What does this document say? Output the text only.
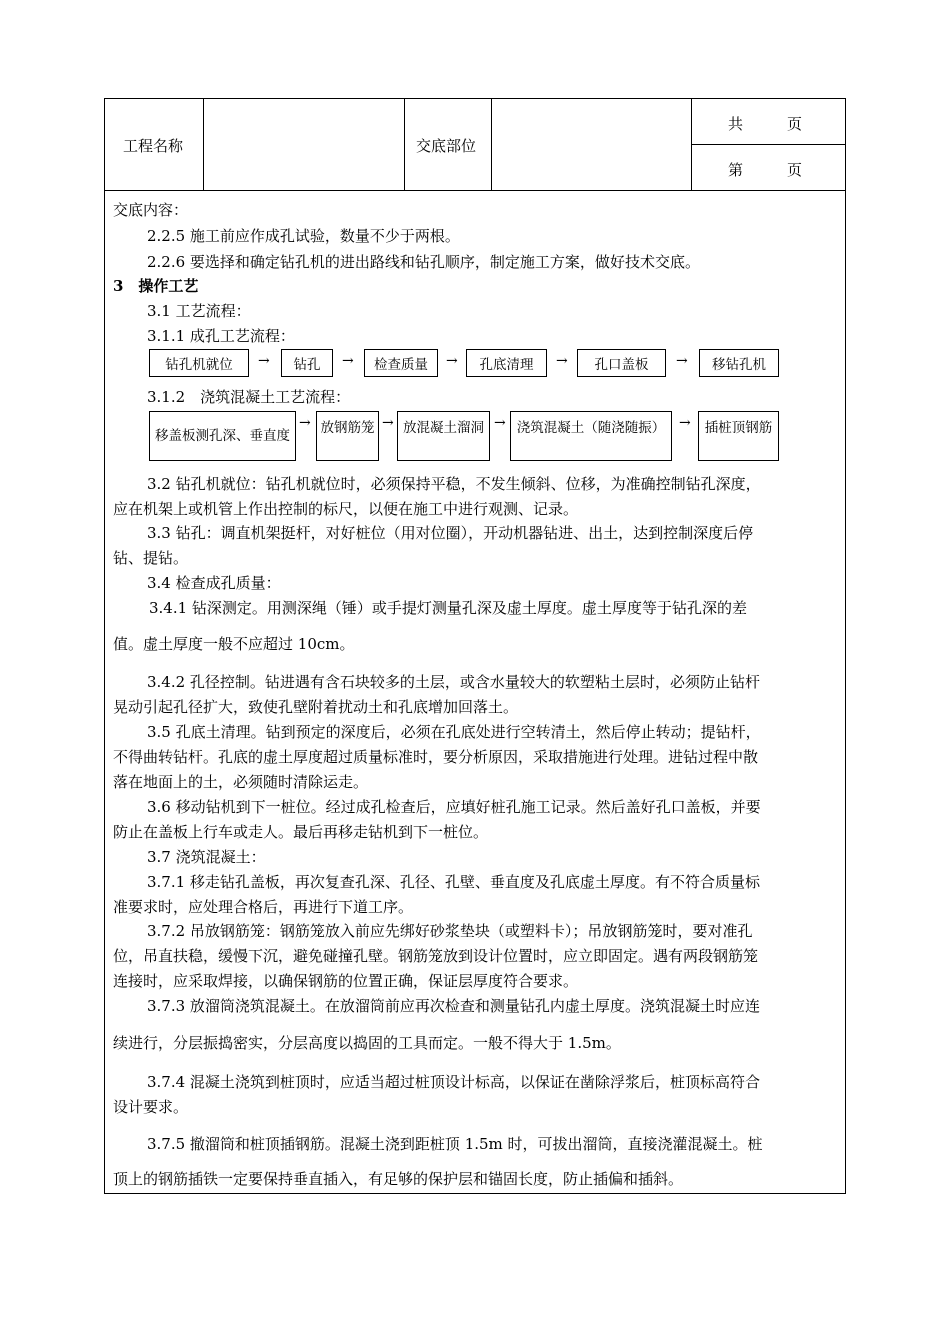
工程名称	交底部位
共	页
第	页
交底内容：
2.2.5 施工前应作成孔试验，数量不少于两根。
2.2.6 要选择和确定钻孔机的进出路线和钻孔顺序，制定施工方案，做好技术交底。
3　操作工艺
3.1 工艺流程：
3.1.1 成孔工艺流程：
钻孔机就位	→	钻孔	→	检查质量	→	孔底清理	→	孔口盖板	→	移钻孔机
3.1.2　浇筑混凝土工艺流程：
移盖板测孔深、垂直度
→ 放钢筋笼 → 放混凝土溜洞 → 浇筑混凝土（随浇随振） →	插桩顶钢筋
3.2 钻孔机就位：钻孔机就位时，必须保持平稳，不发生倾斜、位移，为准确控制钻孔深度，
应在机架上或机管上作出控制的标尺，以便在施工中进行观测、记录。
3.3 钻孔：调直机架挺杆，对好桩位（用对位圈），开动机器钻进、出土，达到控制深度后停
钻、提钻。
3.4 检查成孔质量：
3.4.1 钻深测定。用测深绳（锤）或手提灯测量孔深及虚土厚度。虚土厚度等于钻孔深的差
值。虚土厚度一般不应超过 10cm。
3.4.2 孔径控制。钻进遇有含石块较多的土层，或含水量较大的软塑粘土层时，必须防止钻杆
晃动引起孔径扩大，致使孔壁附着扰动土和孔底增加回落土。
3.5 孔底土清理。钻到预定的深度后，必须在孔底处进行空转清土，然后停止转动；提钻杆，
不得曲转钻杆。孔底的虚土厚度超过质量标准时，要分析原因，采取措施进行处理。进钻过程中散
落在地面上的土，必须随时清除运走。
3.6 移动钻机到下一桩位。经过成孔检查后，应填好桩孔施工记录。然后盖好孔口盖板，并要
防止在盖板上行车或走人。最后再移走钻机到下一桩位。
3.7 浇筑混凝土：
3.7.1 移走钻孔盖板，再次复查孔深、孔径、孔壁、垂直度及孔底虚土厚度。有不符合质量标
准要求时，应处理合格后，再进行下道工序。
3.7.2 吊放钢筋笼：钢筋笼放入前应先绑好砂浆垫块（或塑料卡）；吊放钢筋笼时，要对准孔
位，吊直扶稳，缓慢下沉，避免碰撞孔壁。钢筋笼放到设计位置时，应立即固定。遇有两段钢筋笼
连接时，应采取焊接，以确保钢筋的位置正确，保证层厚度符合要求。
3.7.3 放溜筒浇筑混凝土。在放溜筒前应再次检查和测量钻孔内虚土厚度。浇筑混凝土时应连
续进行，分层振捣密实，分层高度以捣固的工具而定。一般不得大于 1.5m。
3.7.4 混凝土浇筑到桩顶时，应适当超过桩顶设计标高，以保证在凿除浮浆后，桩顶标高符合
设计要求。
3.7.5 撤溜筒和桩顶插钢筋。混凝土浇到距桩顶 1.5m 时，可拔出溜筒，直接浇灌混凝土。桩
顶上的钢筋插铁一定要保持垂直插入，有足够的保护层和锚固长度，防止插偏和插斜。
